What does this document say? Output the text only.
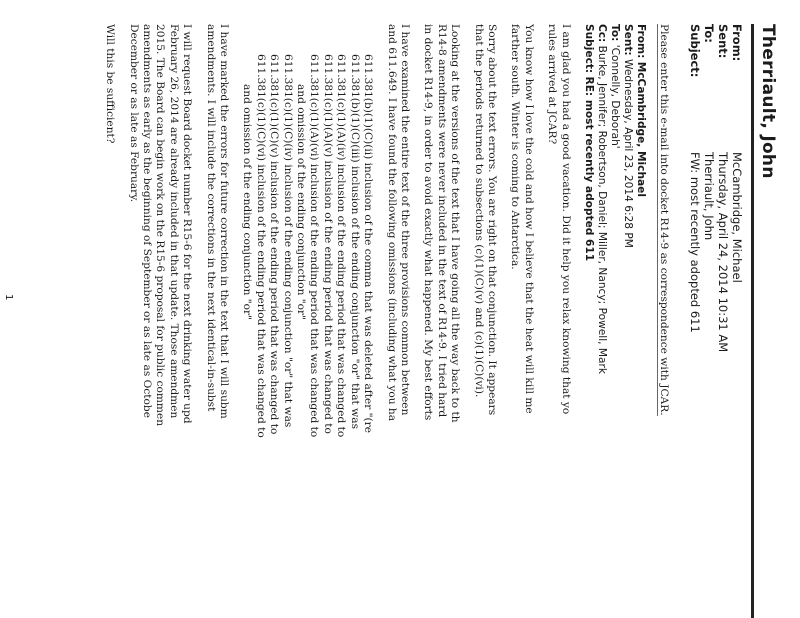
Therriault, John
From:
McCambridge, Michael
Sent:
Thursday, April 24, 2014 10:31 AM
To:
Therriault, John
Subject:
FW: most recently adopted 611

Please enter this e-mail into docket R14-9 as correspondence with JCAR.

From: McCambridge, Michael
Sent: Wednesday, April 23, 2014 6:28 PM
To: 'Connelly, Deborah'
Cc: Burke, Jennifer; Robertson, Daniel; Miller, Nancy; Powell, Mark
Subject: RE: most recently adopted 611

I am glad you had a good vacation. Did it help you relax knowing that yo
rules arrived at JCAR?

You know how I love the cold and how I believe that the heat will kill me
farther south. Winter is coming to Antarctica.

Sorry about the text errors. You are right on that conjunction. It appears
that the periods returned to subsections (c)(1)(C)(v) and (c)(1)(C)(vi).

Looking at the versions of the text that I have going all the way back to th
R14-8 amendments were never included in the text of R14-9. I tried hard
in docket R14-9, in order to avoid exactly what happened. My best efforts

I have examined the entire text of the three provisions common between
and 611.649. I have found the following omissions (including what you ha

611.381(b)(1)(C)(ii) inclusion of the comma that was deleted after "(re
611.381(b)(1)(C)(iii) inclusion of the ending conjunction "or" that was
611.381(c)(1)(A)(iv) inclusion of the ending period that was changed to
611.381(c)(1)(A)(v) inclusion of the ending period that was changed to
611.381(c)(1)(A)(vi) inclusion of the ending period that was changed to
and omission of the ending conjunction "or"
611.381(c)(1)(C)(iv) inclusion of the ending conjunction "or" that was
611.381(c)(1)(C)(v) inclusion of the ending period that was changed to
611.381(c)(1)(C)(vi) inclusion of the ending period that was changed to
and omission of the ending conjunction "or"

I have marked the errors for future correction in the text that I will subm
amendments. I will include the corrections in the next identical-in-subst

I will request Board docket number R15-6 for the next drinking water upd
February 26, 2014 are already included in that update. Those amendmen
2015. The Board can begin work on the R15-6 proposal for public commen
amendments as early as the beginning of September or as late as Octobe
December or as late as February.

Will this be sufficient?

1
